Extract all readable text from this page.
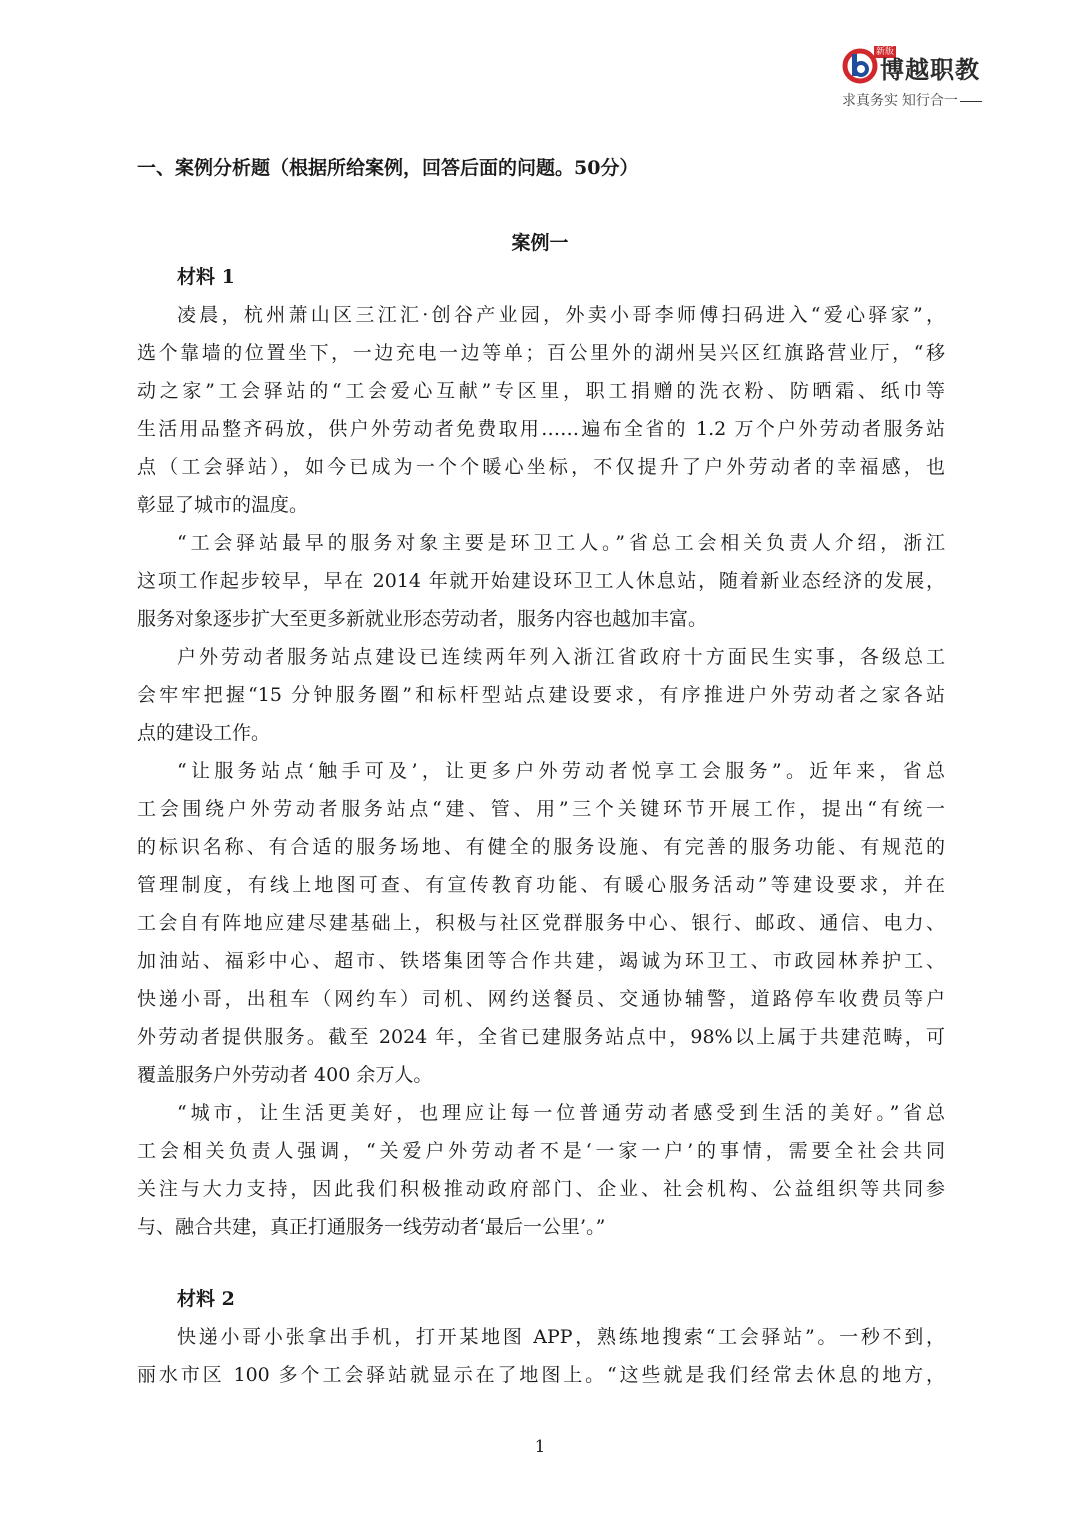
新版
博越职教
求真务实 知行合一
一、案例分析题（根据所给案例，回答后面的问题。50分）
案例一
材料 1
凌晨，杭州萧山区三江汇·创谷产业园，外卖小哥李师傅扫码进入“爱心驿家”，
选个靠墙的位置坐下，一边充电一边等单；百公里外的湖州吴兴区红旗路营业厅，“移
动之家”工会驿站的“工会爱心互献”专区里，职工捐赠的洗衣粉、防晒霜、纸巾等
生活用品整齐码放，供户外劳动者免费取用……遍布全省的 1.2 万个户外劳动者服务站
点（工会驿站），如今已成为一个个暖心坐标，不仅提升了户外劳动者的幸福感，也
彰显了城市的温度。
“工会驿站最早的服务对象主要是环卫工人。”省总工会相关负责人介绍，浙江
这项工作起步较早，早在 2014 年就开始建设环卫工人休息站，随着新业态经济的发展，
服务对象逐步扩大至更多新就业形态劳动者，服务内容也越加丰富。
户外劳动者服务站点建设已连续两年列入浙江省政府十方面民生实事，各级总工
会牢牢把握“15 分钟服务圈”和标杆型站点建设要求，有序推进户外劳动者之家各站
点的建设工作。
“让服务站点‘触手可及’，让更多户外劳动者悦享工会服务”。近年来，省总
工会围绕户外劳动者服务站点“建、管、用”三个关键环节开展工作，提出“有统一
的标识名称、有合适的服务场地、有健全的服务设施、有完善的服务功能、有规范的
管理制度，有线上地图可查、有宣传教育功能、有暖心服务活动”等建设要求，并在
工会自有阵地应建尽建基础上，积极与社区党群服务中心、银行、邮政、通信、电力、
加油站、福彩中心、超市、铁塔集团等合作共建，竭诚为环卫工、市政园林养护工、
快递小哥，出租车（网约车）司机、网约送餐员、交通协辅警，道路停车收费员等户
外劳动者提供服务。截至 2024 年，全省已建服务站点中，98%以上属于共建范畴，可
覆盖服务户外劳动者 400 余万人。
“城市，让生活更美好，也理应让每一位普通劳动者感受到生活的美好。”省总
工会相关负责人强调，“关爱户外劳动者不是‘一家一户’的事情，需要全社会共同
关注与大力支持，因此我们积极推动政府部门、企业、社会机构、公益组织等共同参
与、融合共建，真正打通服务一线劳动者‘最后一公里’。”
材料 2
快递小哥小张拿出手机，打开某地图 APP，熟练地搜索“工会驿站”。一秒不到，
丽水市区 100 多个工会驿站就显示在了地图上。“这些就是我们经常去休息的地方，
1
